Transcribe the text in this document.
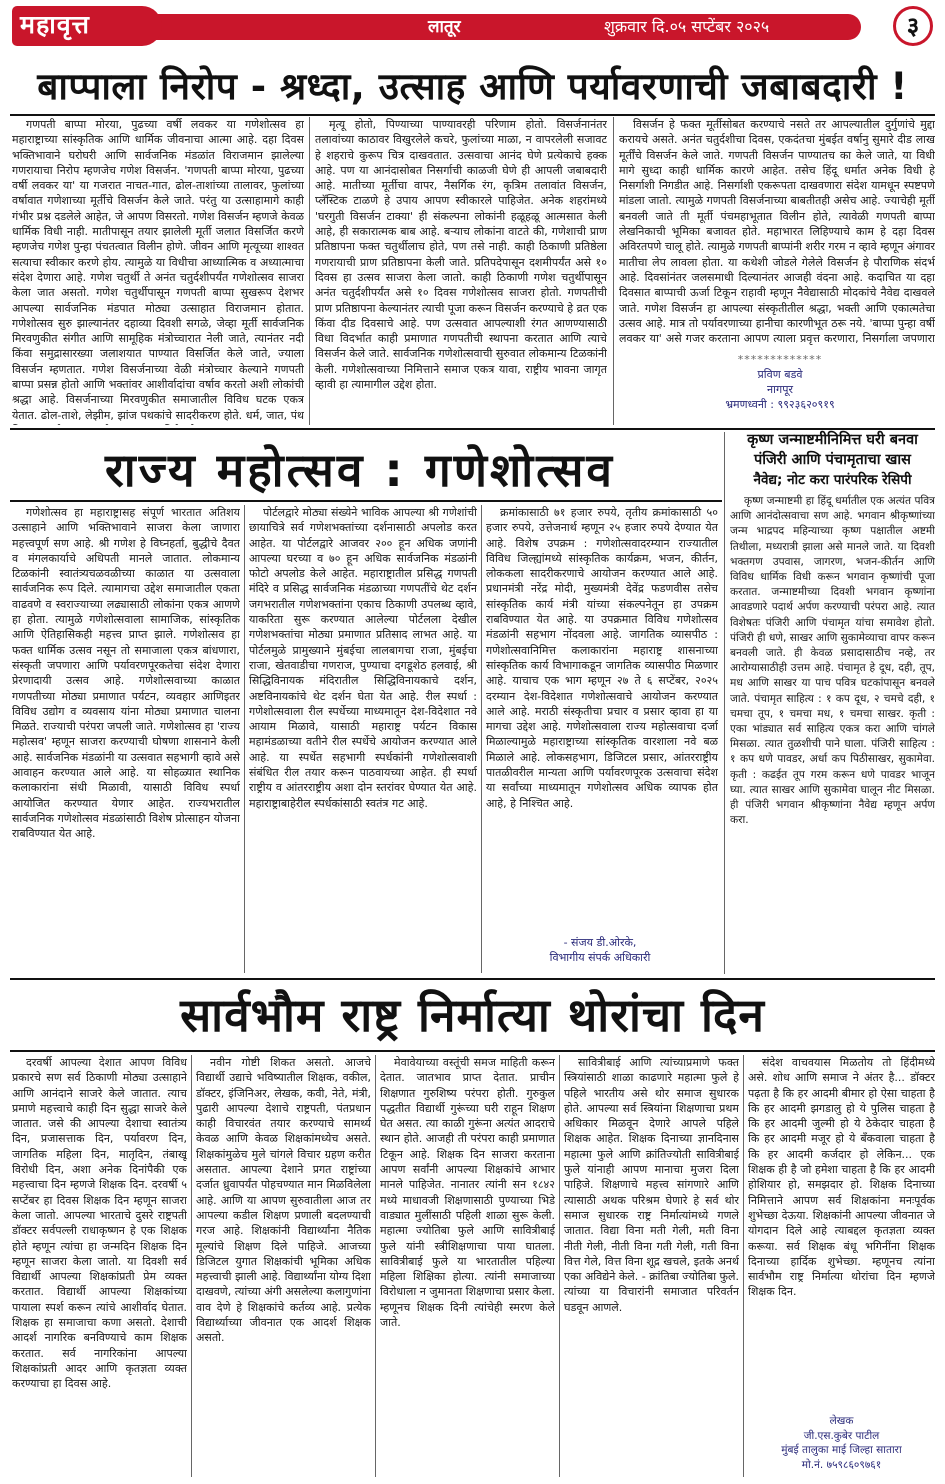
महावृत्त	लातूर	शुक्रवार दि.०५ सप्टेंबर २०२५	३
बाप्पाला निरोप - श्रध्दा, उत्साह आणि पर्यावरणाची जबाबदारी !

गणपती बाप्पा मोरया, पुढच्या वर्षी लवकर या गणेशोत्सव हा महाराष्ट्राच्या सांस्कृतिक आणि धार्मिक जीवनाचा आत्मा आहे. दहा दिवस भक्तिभावाने घरोघरी आणि सार्वजनिक मंडळांत विराजमान झालेल्या गणरायाचा निरोप म्हणजेच गणेश विसर्जन. 'गणपती बाप्पा मोरया, पुढच्या वर्षी लवकर या' या गजरात नाचत-गात, ढोल-ताशांच्या तालावर, फुलांच्या वर्षावात गणेशाच्या मूर्तीचे विसर्जन केले जाते. परंतु या उत्साहामागे काही गंभीर प्रश्न दडलेले आहेत, जे आपण विसरतो. गणेश विसर्जन म्हणजे केवळ धार्मिक विधी नाही. मातीपासून तयार झालेली मूर्ती जलात विसर्जित करणे म्हणजेच गणेश पुन्हा पंचतत्वात विलीन होणे. जीवन आणि मृत्यूच्या शाश्वत सत्याचा स्वीकार करणे होय. त्यामुळे या विधीचा आध्यात्मिक व अध्यात्माचा संदेश देणारा आहे. गणेश चतुर्थी ते अनंत चतुर्दशीपर्यंत गणेशोत्सव साजरा केला जात असतो. गणेश चतुर्थीपासून गणपती बाप्पा सुखरूप देशभर आपल्या सार्वजनिक मंडपात मोठ्या उत्साहात विराजमान होतात. गणेशोत्सव सुरु झाल्यानंतर दहाव्या दिवशी सगळे, जेव्हा मूर्ती सार्वजनिक मिरवणुकीत संगीत आणि सामूहिक मंत्रोच्चारात नेली जाते, त्यानंतर नदी किंवा समुद्रासारख्या जलाशयात पाण्यात विसर्जित केले जाते, ज्याला विसर्जन म्हणतात. गणेश विसर्जनाच्या वेळी मंत्रोच्चार केल्याने गणपती बाप्पा प्रसन्न होतो आणि भक्तांवर आशीर्वादांचा वर्षाव करतो अशी लोकांची श्रद्धा आहे. विसर्जनाच्या मिरवणुकीत समाजातील विविध घटक एकत्र येतात. ढोल-ताशे, लेझीम, झांज पथकांचे सादरीकरण होते. धर्म, जात, पंथ

मृत्यू होतो, पिण्याच्या पाण्यावरही परिणाम होतो. विसर्जनानंतर तलावांच्या काठावर विखुरलेले कचरे, फुलांच्या माळा, न वापरलेली सजावट हे शहराचे कुरूप चित्र दाखवतात. उत्सवाचा आनंद घेणे प्रत्येकाचे हक्क आहे. पण या आनंदासोबत निसर्गाची काळजी घेणे ही आपली जबाबदारी आहे. मातीच्या मूर्तीचा वापर, नैसर्गिक रंग, कृत्रिम तलावांत विसर्जन, प्लॅस्टिक टाळणे हे उपाय आपण स्वीकारले पाहिजेत. अनेक शहरांमध्ये 'घरगुती विसर्जन टाक्या' ही संकल्पना लोकांनी हळूहळू आत्मसात केली आहे, ही सकारात्मक बाब आहे. बऱ्याच लोकांना वाटते की, गणेशाची प्राण प्रतिष्ठापना फक्त चतुर्थीलाच होते, पण तसे नाही. काही ठिकाणी प्रतिष्ठेला गणरायाची प्राण प्रतिष्ठापना केली जाते. प्रतिपदेपासून दशमीपर्यंत असे १० दिवस हा उत्सव साजरा केला जातो. काही ठिकाणी गणेश चतुर्थीपासून अनंत चतुर्दशीपर्यंत असे १० दिवस गणेशोत्सव साजरा होतो. गणपतीची प्राण प्रतिष्ठापना केल्यानंतर त्याची पूजा करून विसर्जन करण्याचे हे व्रत एक किंवा दीड दिवसाचे आहे. पण उत्सवात आपल्याशी रंगत आणण्यासाठी विधा विदर्भात काही प्रमाणात गणपतीची स्थापना करतात आणि त्याचे विसर्जन केले जाते. सार्वजनिक गणेशोत्सवाची सुरुवात लोकमान्य टिळकांनी केली. गणेशोत्सवाच्या निमित्ताने समाज एकत्र यावा, राष्ट्रीय भावना जागृत व्हावी हा त्यामागील उद्देश होता.

विसर्जन हे फक्त मूर्तीसोबत करण्याचे नसते तर आपल्यातील दुर्गुणांचे मुद्दा करायचे असते. अनंत चतुर्दशीचा दिवस, एकदंतचा मुंबईत वर्षानु सुमारे दीड लाख मूर्तींचे विसर्जन केले जाते. गणपती विसर्जन पाण्यातच का केले जाते, या विधी मागे सुध्दा काही धार्मिक कारणे आहेत. तसेच हिंदू धर्मात अनेक विधी हे निसर्गाशी निगडीत आहे. निसर्गाशी एकरूपता दाखवणारा संदेश यामधून स्पष्टपणे मांडला जातो. त्यामुळे गणपती विसर्जनाच्या बाबतीतही असेच आहे. ज्याचेही मूर्ती बनवली जाते ती मूर्ती पंचमहाभूतात विलीन होते, त्यावेळी गणपती बाप्पा लेखनिकाची भूमिका बजावत होते. महाभारत लिहिण्याचे काम हे दहा दिवस अविरतपणे चालू होते. त्यामुळे गणपती बाप्पांनी शरीर गरम न व्हावे म्हणून अंगावर मातीचा लेप लावला होता. या कथेशी जोडले गेलेले विसर्जन हे पौराणिक संदर्भ आहे. दिवसांनंतर जलसमाधी दिल्यानंतर आजही वंदना आहे. कदाचित या दहा दिवसात बाप्पाची ऊर्जा टिकून राहावी म्हणून नैवेद्यासाठी मोदकांचे नैवेद्य दाखवले जाते. गणेश विसर्जन हा आपल्या संस्कृतीतील श्रद्धा, भक्ती आणि एकात्मतेचा उत्सव आहे. मात्र तो पर्यावरणाच्या हानीचा कारणीभूत ठरू नये. 'बाप्पा पुन्हा वर्षी लवकर या' असे गजर करताना आपण त्याला प्रवृत्त करणारा, निसर्गाला जपणारा

*************
प्रविण बडवे
नागपूर
भ्रमणध्वनी : ९९२३६२०९१९
राज्य महोत्सव : गणेशोत्सव

गणेशोत्सव हा महाराष्ट्रासह संपूर्ण भारतात अतिशय उत्साहाने आणि भक्तिभावाने साजरा केला जाणारा महत्त्वपूर्ण सण आहे. श्री गणेश हे विघ्नहर्ता, बुद्धीचे दैवत व मंगलकार्याचे अधिपती मानले जातात. लोकमान्य टिळकांनी स्वातंत्र्यचळवळीच्या काळात या उत्सवाला सार्वजनिक रूप दिले. त्यामागचा उद्देश समाजातील एकता वाढवणे व स्वराज्याच्या लढ्यासाठी लोकांना एकत्र आणणे हा होता. त्यामुळे गणेशोत्सवाला सामाजिक, सांस्कृतिक आणि ऐतिहासिकही महत्त्व प्राप्त झाले. गणेशोत्सव हा फक्त धार्मिक उत्सव नसून तो समाजाला एकत्र बांधणारा, संस्कृती जपणारा आणि पर्यावरणपूरकतेचा संदेश देणारा प्रेरणादायी उत्सव आहे. गणेशोत्सवाच्या काळात गणपतीच्या मोठ्या प्रमाणात पर्यटन, व्यवहार आणिइतर विविध उद्योग व व्यवसाय यांना मोठ्या प्रमाणात चालना मिळते. राज्याची परंपरा जपली जाते. गणेशोत्सव हा 'राज्य महोत्सव' म्हणून साजरा करण्याची घोषणा शासनाने केली आहे. सार्वजनिक मंडळांनी या उत्सवात सहभागी व्हावे असे आवाहन करण्यात आले आहे. या सोहळ्यात स्थानिक कलाकारांना संधी मिळावी, यासाठी विविध स्पर्धा आयोजित करण्यात येणार आहेत. राज्यभरातील सार्वजनिक गणेशोत्सव मंडळांसाठी विशेष प्रोत्साहन योजना राबविण्यात येत आहे.

पोर्टलद्वारे मोठ्या संख्येने भाविक आपल्या श्री गणेशांची छायाचित्रे सर्व गणेशभक्तांच्या दर्शनासाठी अपलोड करत आहेत. या पोर्टलद्वारे आजवर २०० हून अधिक जणांनी आपल्या घरच्या व ७० हून अधिक सार्वजनिक मंडळांनी फोटो अपलोड केले आहेत. महाराष्ट्रातील प्रसिद्ध गणपती मंदिरे व प्रसिद्ध सार्वजनिक मंडळाच्या गणपतींचे थेट दर्शन जगभरातील गणेशभक्तांना एकाच ठिकाणी उपलब्ध व्हावे, याकरिता सुरू करण्यात आलेल्या पोर्टलला देखील गणेशभक्तांचा मोठ्या प्रमाणात प्रतिसाद लाभत आहे. या पोर्टलमुळे प्रामुख्याने मुंबईचा लालबागचा राजा, मुंबईचा राजा, खेतवाडीचा गणराज, पुण्याचा दगडूशेठ हलवाई, श्री सिद्धिविनायक मंदिरातील सिद्धिविनायकाचे दर्शन, अष्टविनायकांचे थेट दर्शन घेता येत आहे. रील स्पर्धा : गणेशोत्सवाला रील स्पर्धेच्या माध्यमातून देश-विदेशात नवे आयाम मिळावे, यासाठी महाराष्ट्र पर्यटन विकास महामंडळाच्या वतीने रील स्पर्धेचे आयोजन करण्यात आले आहे. या स्पर्धेत सहभागी स्पर्धकांनी गणेशोत्सवाशी संबंधित रील तयार करून पाठवायच्या आहेत. ही स्पर्धा राष्ट्रीय व आंतरराष्ट्रीय अशा दोन स्तरांवर घेण्यात येत आहे. महाराष्ट्राबाहेरील स्पर्धकांसाठी स्वतंत्र गट आहे.

क्रमांकासाठी ७१ हजार रुपये, तृतीय क्रमांकासाठी ५० हजार रुपये, उत्तेजनार्थ म्हणून २५ हजार रुपये देण्यात येत आहे. विशेष उपक्रम : गणेशोत्सवादरम्यान राज्यातील विविध जिल्ह्यांमध्ये सांस्कृतिक कार्यक्रम, भजन, कीर्तन, लोककला सादरीकरणाचे आयोजन करण्यात आले आहे. प्रधानमंत्री नरेंद्र मोदी, मुख्यमंत्री देवेंद्र फडणवीस तसेच सांस्कृतिक कार्य मंत्री यांच्या संकल्पनेतून हा उपक्रम राबविण्यात येत आहे. या उपक्रमात विविध गणेशोत्सव मंडळांनी सहभाग नोंदवला आहे. जागतिक व्यासपीठ : गणेशोत्सवानिमित्त कलाकारांना महाराष्ट्र शासनाच्या सांस्कृतिक कार्य विभागाकडून जागतिक व्यासपीठ मिळणार आहे. याचाच एक भाग म्हणून २७ ते ६ सप्टेंबर, २०२५ दरम्यान देश-विदेशात गणेशोत्सवाचे आयोजन करण्यात आले आहे. मराठी संस्कृतीचा प्रचार व प्रसार व्हावा हा या मागचा उद्देश आहे. गणेशोत्सवाला राज्य महोत्सवाचा दर्जा मिळाल्यामुळे महाराष्ट्राच्या सांस्कृतिक वारशाला नवे बळ मिळाले आहे. लोकसहभाग, डिजिटल प्रसार, आंतरराष्ट्रीय पातळीवरील मान्यता आणि पर्यावरणपूरक उत्सवाचा संदेश या सर्वांच्या माध्यमातून गणेशोत्सव अधिक व्यापक होत आहे, हे निश्चित आहे.

- संजय डी.ओरके,
विभागीय संपर्क अधिकारी
कृष्ण जन्माष्टमीनिमित्त घरी बनवा
पंजिरी आणि पंचामृताचा खास
नैवेद्य; नोट करा पारंपरिक रेसिपी

कृष्ण जन्माष्टमी हा हिंदू धर्मातील एक अत्यंत पवित्र आणि आनंदोत्सवाचा सण आहे. भगवान श्रीकृष्णांच्या जन्म भाद्रपद महिन्याच्या कृष्ण पक्षातील अष्टमी तिथीला, मध्यरात्री झाला असे मानले जाते. या दिवशी भक्तगण उपवास, जागरण, भजन-कीर्तन आणि विविध धार्मिक विधी करून भगवान कृष्णांची पूजा करतात. जन्माष्टमीच्या दिवशी भगवान कृष्णांना आवडणारे पदार्थ अर्पण करण्याची परंपरा आहे. त्यात विशेषतः पंजिरी आणि पंचामृत यांचा समावेश होतो. पंजिरी ही धणे, साखर आणि सुकामेव्याचा वापर करून बनवली जाते. ही केवळ प्रसादासाठीच नव्हे, तर आरोग्यासाठीही उत्तम आहे. पंचामृत हे दूध, दही, तूप, मध आणि साखर या पाच पवित्र घटकांपासून बनवले जाते. पंचामृत साहित्य : १ कप दूध, २ चमचे दही, १ चमचा तूप, १ चमचा मध, १ चमचा साखर. कृती : एका भांड्यात सर्व साहित्य एकत्र करा आणि चांगले मिसळा. त्यात तुळशीची पाने घाला. पंजिरी साहित्य : १ कप धणे पावडर, अर्धा कप पिठीसाखर, सुकामेवा. कृती : कढईत तूप गरम करून धणे पावडर भाजून घ्या. त्यात साखर आणि सुकामेवा घालून नीट मिसळा. ही पंजिरी भगवान श्रीकृष्णांना नैवेद्य म्हणून अर्पण करा.

सार्वभौम राष्ट्र निर्मात्या थोरांचा दिन

दरवर्षी आपल्या देशात आपण विविध प्रकारचे सण सर्व ठिकाणी मोठ्या उत्साहाने आणि आनंदाने साजरे केले जातात. त्याच प्रमाणे महत्त्वाचे काही दिन सुद्धा साजरे केले जातात. जसे की आपल्या देशाचा स्वातंत्र्य दिन, प्रजासत्ताक दिन, पर्यावरण दिन, जागतिक महिला दिन, मातृदिन, तंबाखू विरोधी दिन, अशा अनेक दिनांपैकी एक महत्त्वाचा दिन म्हणजे शिक्षक दिन. दरवर्षी ५ सप्टेंबर हा दिवस शिक्षक दिन म्हणून साजरा केला जातो. आपल्या भारताचे दुसरे राष्ट्रपती डॉक्टर सर्वपल्ली राधाकृष्णन हे एक शिक्षक होते म्हणून त्यांचा हा जन्मदिन शिक्षक दिन म्हणून साजरा केला जातो. या दिवशी सर्व विद्यार्थी आपल्या शिक्षकांप्रती प्रेम व्यक्त करतात. विद्यार्थी आपल्या शिक्षकांच्या पायाला स्पर्श करून त्यांचे आशीर्वाद घेतात. शिक्षक हा समाजाचा कणा असतो. देशाची आदर्श नागरिक बनविण्याचे काम शिक्षक करतात. सर्व नागरिकांना आपल्या शिक्षकांप्रती आदर आणि कृतज्ञता व्यक्त करण्याचा हा दिवस आहे.

नवीन गोष्टी शिकत असतो. आजचे विद्यार्थी उद्याचे भविष्यातील शिक्षक, वकील, डॉक्टर, इंजिनिअर, लेखक, कवी, नेते, मंत्री, पुढारी आपल्या देशाचे राष्ट्रपती, पंतप्रधान काही विचारवंत तयार करण्याचे सामर्थ्य केवळ आणि केवळ शिक्षकांमध्येच असते. शिक्षकांमुळेच मुले चांगले विचार ग्रहण करीत असतात. आपल्या देशाने प्रगत राष्ट्रांच्या दर्जात ध्रुवापर्यंत पोहचण्यात मान मिळविलेला आहे. आणि या आपण सुरुवातीला आज तर आपल्या कडील शिक्षण प्रणाली बदलण्याची गरज आहे. शिक्षकांनी विद्यार्थ्यांना नैतिक मूल्यांचे शिक्षण दिले पाहिजे. आजच्या डिजिटल युगात शिक्षकांची भूमिका अधिक महत्त्वाची झाली आहे. विद्यार्थ्यांना योग्य दिशा दाखवणे, त्यांच्या अंगी असलेल्या कलागुणांना वाव देणे हे शिक्षकांचे कर्तव्य आहे. प्रत्येक विद्यार्थ्याच्या जीवनात एक आदर्श शिक्षक असतो.

मेवावेयाच्या वस्तूंची समज माहिती करून देतात. जातभाव प्राप्त देतात. प्राचीन शिक्षणात गुरुशिष्य परंपरा होती. गुरुकुल पद्धतीत विद्यार्थी गुरूंच्या घरी राहून शिक्षण घेत असत. त्या काळी गुरूंना अत्यंत आदराचे स्थान होते. आजही ती परंपरा काही प्रमाणात टिकून आहे. शिक्षक दिन साजरा करताना आपण सर्वांनी आपल्या शिक्षकांचे आभार मानले पाहिजेत. नानातर त्यांनी सन १८४२ मध्ये माधावजी शिक्षणासाठी पुण्याच्या भिडे वाड्यात मुलींसाठी पहिली शाळा सुरू केली. महात्मा ज्योतिबा फुले आणि सावित्रीबाई फुले यांनी स्त्रीशिक्षणाचा पाया घातला. सावित्रीबाई फुले या भारतातील पहिल्या महिला शिक्षिका होत्या. त्यांनी समाजाच्या विरोधाला न जुमानता शिक्षणाचा प्रसार केला. म्हणूनच शिक्षक दिनी त्यांचेही स्मरण केले जाते.

सावित्रीबाई आणि त्यांच्याप्रमाणे फक्त स्त्रियांसाठी शाळा काढणारे महात्मा फुले हे पहिले भारतीय असे थोर समाज सुधारक होते. आपल्या सर्व स्त्रियांना शिक्षणाचा प्रथम अधिकार मिळवून देणारे आपले पहिले शिक्षक आहेत. शिक्षक दिनाच्या ज्ञानदिनास महात्मा फुले आणि क्रांतिज्योती सावित्रीबाई फुले यांनाही आपण मानाचा मुजरा दिला पाहिजे. शिक्षणाचे महत्त्व सांगणारे आणि त्यासाठी अथक परिश्रम घेणारे हे सर्व थोर समाज सुधारक राष्ट्र निर्मात्यांमध्ये गणले जातात. विद्या विना मती गेली, मती विना नीती गेली, नीती विना गती गेली, गती विना वित्त गेले, वित्त विना शूद्र खचले, इतके अनर्थ एका अविद्येने केले. - क्रांतिबा ज्योतिबा फुले. त्यांच्या या विचारांनी समाजात परिवर्तन घडवून आणले.

संदेश वाचवयास मिळतोय तो हिंदीमध्ये असे. शोध आणि समाज ने अंतर है... डॉक्टर पढ़ता है कि हर आदमी बीमार हो ऐसा चाहता है कि हर आदमी झगडालु हो ये पुलिस चाहता है कि हर आदमी जुल्मी हो ये ठेकेदार चाहता है कि हर आदमी मजूर हो ये बँकवाला चाहता है कि हर आदमी कर्जदार हो लेकिन... एक शिक्षक ही है जो हमेशा चाहता है कि हर आदमी होशियार हो, समझदार हो. शिक्षक दिनाच्या निमित्ताने आपण सर्व शिक्षकांना मनःपूर्वक शुभेच्छा देऊया. शिक्षकांनी आपल्या जीवनात जे योगदान दिले आहे त्याबद्दल कृतज्ञता व्यक्त करूया. सर्व शिक्षक बंधू भगिनींना शिक्षक दिनाच्या हार्दिक शुभेच्छा. म्हणूनच त्यांना सार्वभौम राष्ट्र निर्मात्या थोरांचा दिन म्हणजे शिक्षक दिन.

लेखक
जी.एस.कुबेर पाटील
मुंबई तालुका माई जिल्हा सातारा
मो.नं. ७५९८६०९७६१
